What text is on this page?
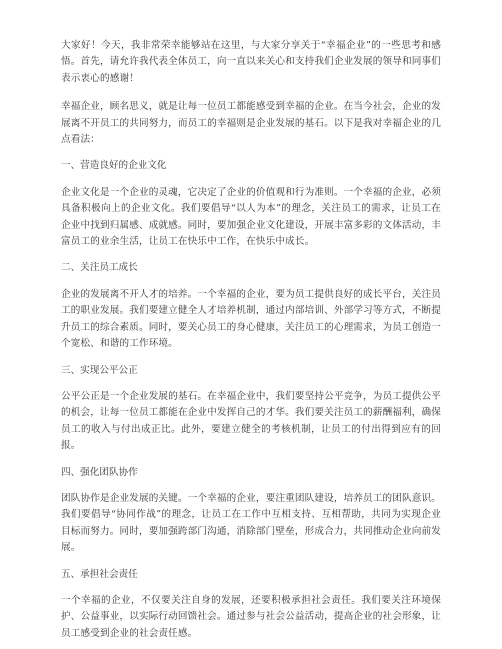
大家好！今天，我非常荣幸能够站在这里，与大家分享关于“幸福企业”的一些思考和感悟。首先，请允许我代表全体员工，向一直以来关心和支持我们企业发展的领导和同事们表示衷心的感谢！

幸福企业，顾名思义，就是让每一位员工都能感受到幸福的企业。在当今社会，企业的发展离不开员工的共同努力，而员工的幸福则是企业发展的基石。以下是我对幸福企业的几点看法：

一、营造良好的企业文化

企业文化是一个企业的灵魂，它决定了企业的价值观和行为准则。一个幸福的企业，必须具备积极向上的企业文化。我们要倡导“以人为本”的理念，关注员工的需求，让员工在企业中找到归属感、成就感。同时，要加强企业文化建设，开展丰富多彩的文体活动，丰富员工的业余生活，让员工在快乐中工作，在快乐中成长。

二、关注员工成长

企业的发展离不开人才的培养。一个幸福的企业，要为员工提供良好的成长平台，关注员工的职业发展。我们要建立健全人才培养机制，通过内部培训、外部学习等方式，不断提升员工的综合素质。同时，要关心员工的身心健康，关注员工的心理需求，为员工创造一个宽松、和谐的工作环境。

三、实现公平公正

公平公正是一个企业发展的基石。在幸福企业中，我们要坚持公平竞争，为员工提供公平的机会，让每一位员工都能在企业中发挥自己的才华。我们要关注员工的薪酬福利，确保员工的收入与付出成正比。此外，要建立健全的考核机制，让员工的付出得到应有的回报。

四、强化团队协作

团队协作是企业发展的关键。一个幸福的企业，要注重团队建设，培养员工的团队意识。我们要倡导“协同作战”的理念，让员工在工作中互相支持、互相帮助，共同为实现企业目标而努力。同时，要加强跨部门沟通，消除部门壁垒，形成合力，共同推动企业向前发展。

五、承担社会责任

一个幸福的企业，不仅要关注自身的发展，还要积极承担社会责任。我们要关注环境保护、公益事业，以实际行动回馈社会。通过参与社会公益活动，提高企业的社会形象，让员工感受到企业的社会责任感。
